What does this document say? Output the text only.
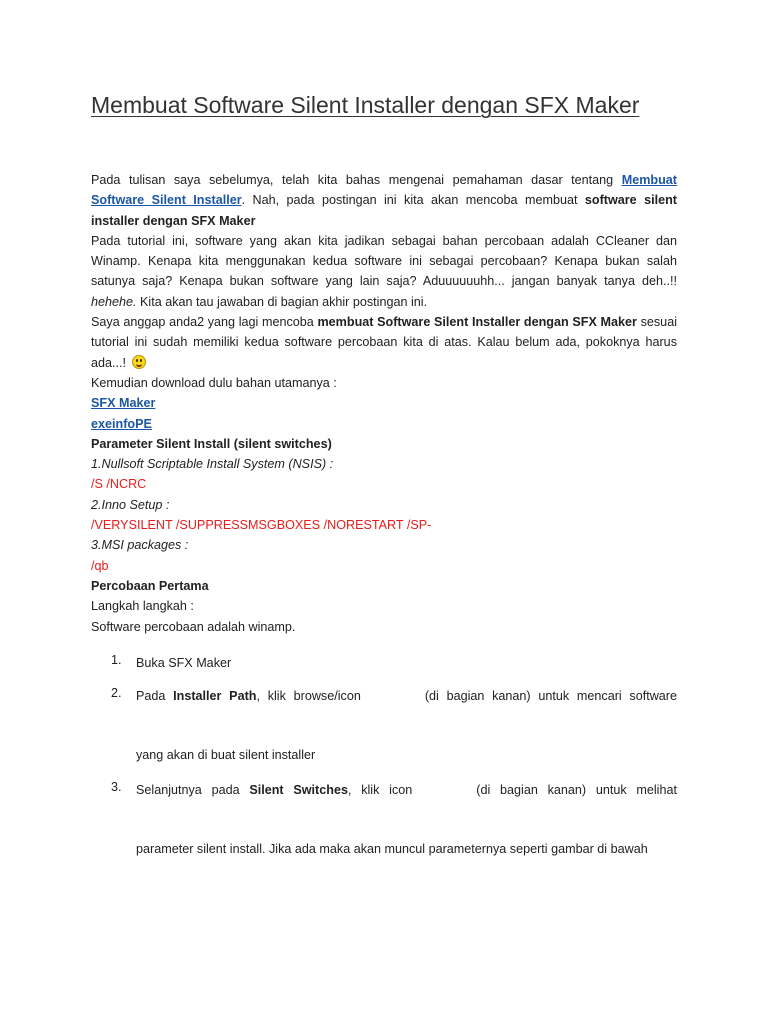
Membuat Software Silent Installer dengan SFX Maker

Pada tulisan saya sebelumya, telah kita bahas mengenai pemahaman dasar tentang Membuat Software Silent Installer. Nah, pada postingan ini kita akan mencoba membuat software silent installer dengan SFX Maker

Pada tutorial ini, software yang akan kita jadikan sebagai bahan percobaan adalah CCleaner dan Winamp. Kenapa kita menggunakan kedua software ini sebagai percobaan? Kenapa bukan salah satunya saja? Kenapa bukan software yang lain saja? Aduuuuuuhh... jangan banyak tanya deh..!! hehehe. Kita akan tau jawaban di bagian akhir postingan ini.

Saya anggap anda2 yang lagi mencoba membuat Software Silent Installer dengan SFX Maker sesuai tutorial ini sudah memiliki kedua software percobaan kita di atas. Kalau belum ada, pokoknya harus ada...!

Kemudian download dulu bahan utamanya :
SFX Maker
exeinfoPE
Parameter Silent Install (silent switches)
1.Nullsoft Scriptable Install System (NSIS) :
/S /NCRC
2.Inno Setup :
/VERYSILENT /SUPPRESSMSGBOXES /NORESTART /SP-
3.MSI packages :
/qb
Percobaan Pertama
Langkah langkah :
Software percobaan adalah winamp.
1. Buka SFX Maker
2. Pada Installer Path, klik browse/icon	(di bagian kanan) untuk mencari software
yang akan di buat silent installer
3. Selanjutnya pada Silent Switches, klik icon	(di bagian kanan) untuk melihat
parameter silent install. Jika ada maka akan muncul parameternya seperti gambar di bawah
